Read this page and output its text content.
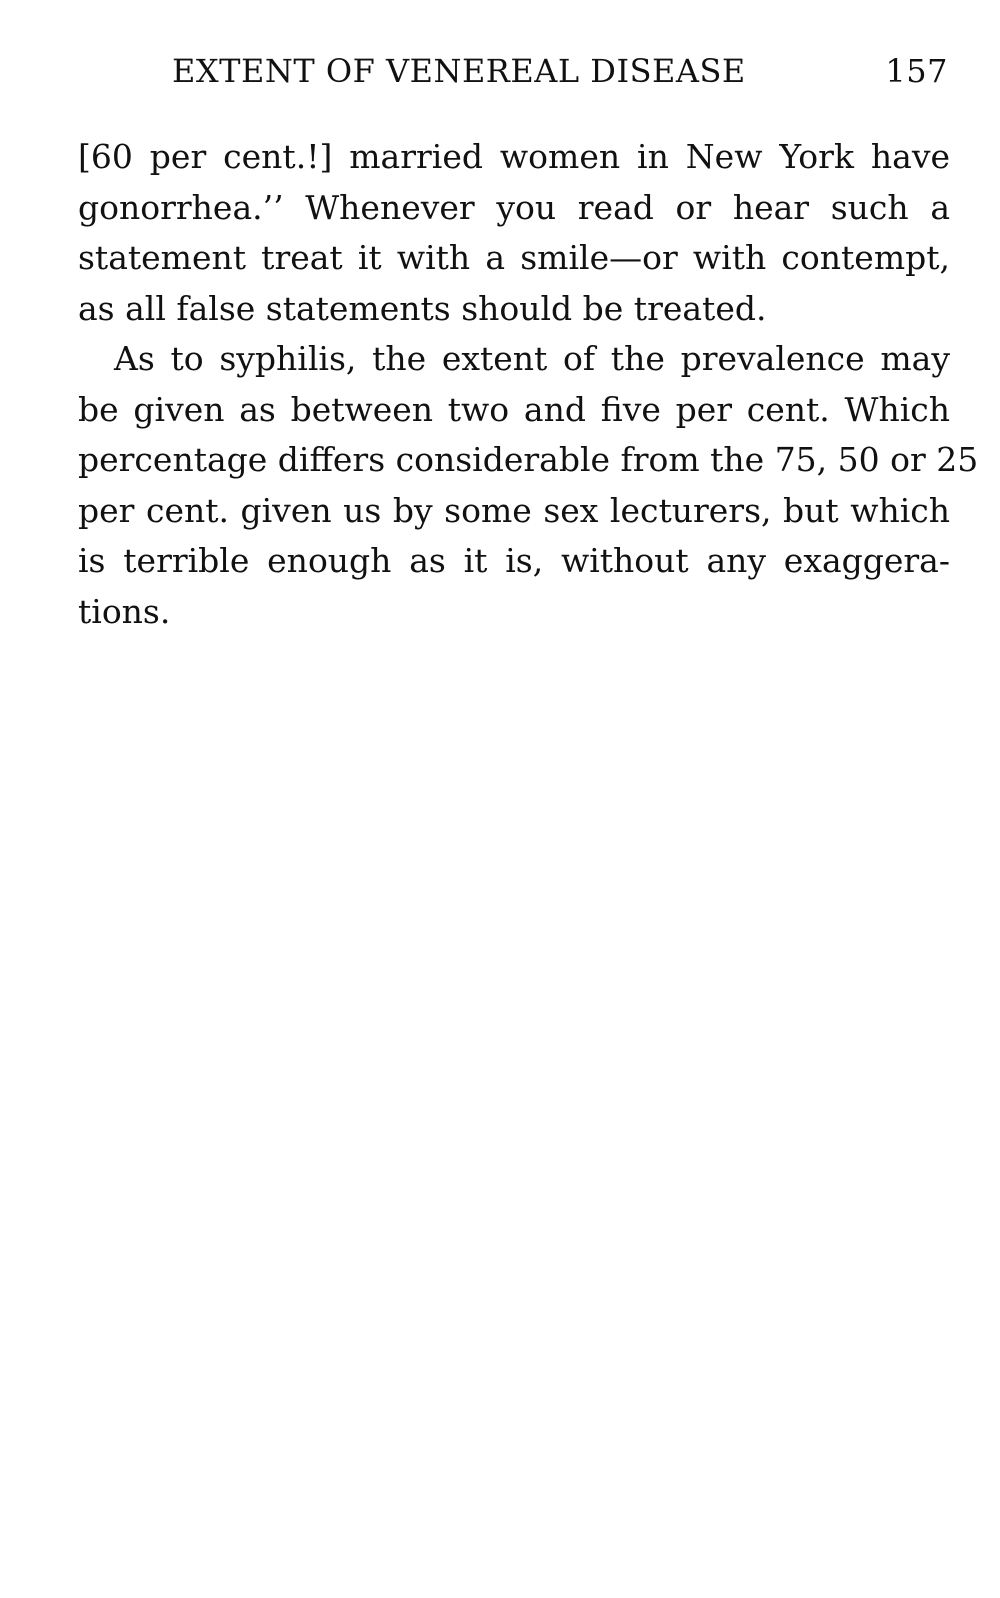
EXTENT OF VENEREAL DISEASE	157
[60 per cent.!] married women in New York have
gonorrhea.’’ Whenever you read or hear such a
statement treat it with a smile—or with contempt,
as all false statements should be treated.
As to syphilis, the extent of the prevalence may
be given as between two and five per cent. Which
percentage differs considerable from the 75, 50 or 25
per cent. given us by some sex lecturers, but which
is terrible enough as it is, without any exaggera-
tions.
